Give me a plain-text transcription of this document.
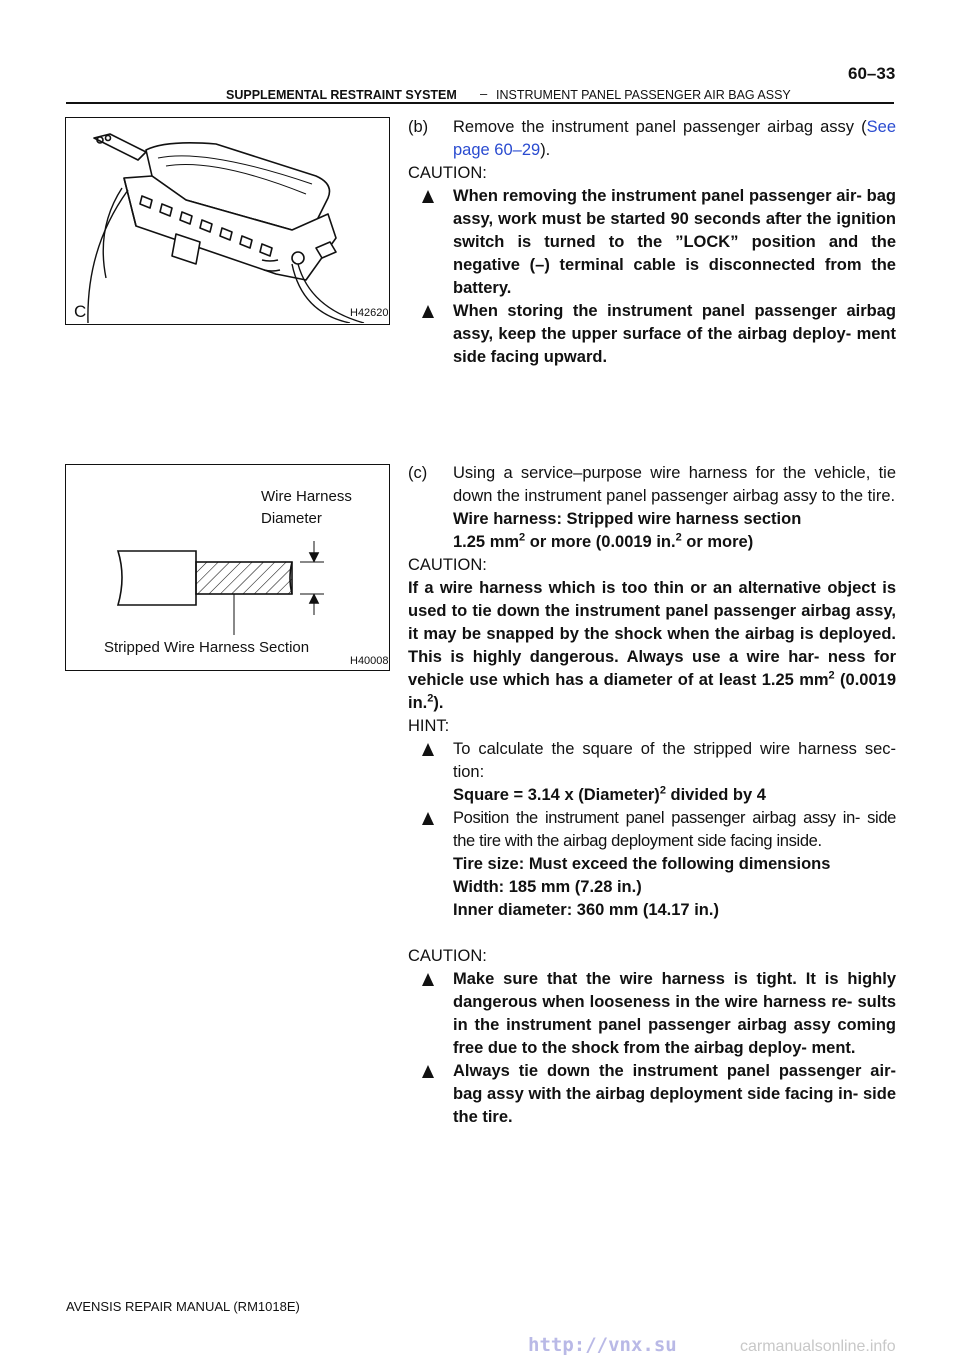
60–33
SUPPLEMENTAL RESTRAINT SYSTEM – INSTRUMENT PANEL PASSENGER AIR BAG ASSY
C	H42620
Wire Harness
Diameter
Stripped Wire Harness Section
H40008
(b) Remove the instrument panel passenger airbag assy (See page 60–29).

CAUTION:

When removing the instrument panel passenger air- bag assy, work must be started 90 seconds after the ignition switch is turned to the ”LOCK” position and the negative (–) terminal cable is disconnected from the battery.

When storing the instrument panel passenger airbag assy, keep the upper surface of the airbag deploy- ment side facing upward.

(c) Using a service–purpose wire harness for the vehicle, tie down the instrument panel passenger airbag assy to the tire.

Wire harness: Stripped wire harness section

1.25 $mm^2$ or more (0.0019 in.$^2$ or more)

CAUTION:

If a wire harness which is too thin or an alternative object is used to tie down the instrument panel passenger airbag assy, it may be snapped by the shock when the airbag is deployed. This is highly dangerous. Always use a wire har- ness for vehicle use which has a diameter of at least 1.25 $mm^2$ (0.0019 in.$^2$).

HINT:

To calculate the square of the stripped wire harness sec- tion:

Square = 3.14 x (Diameter)$^2$ divided by 4

Position the instrument panel passenger airbag assy in- side the tire with the airbag deployment side facing inside.

Tire size: Must exceed the following dimensions

Width: 185 mm (7.28 in.)

Inner diameter: 360 mm (14.17 in.)

CAUTION:

Make sure that the wire harness is tight. It is highly dangerous when looseness in the wire harness re- sults in the instrument panel passenger airbag assy coming free due to the shock from the airbag deploy- ment.

Always tie down the instrument panel passenger air- bag assy with the airbag deployment side facing in- side the tire.

AVENSIS REPAIR MANUAL (RM1018E)
http://vnx.su	carmanualsonline.info
